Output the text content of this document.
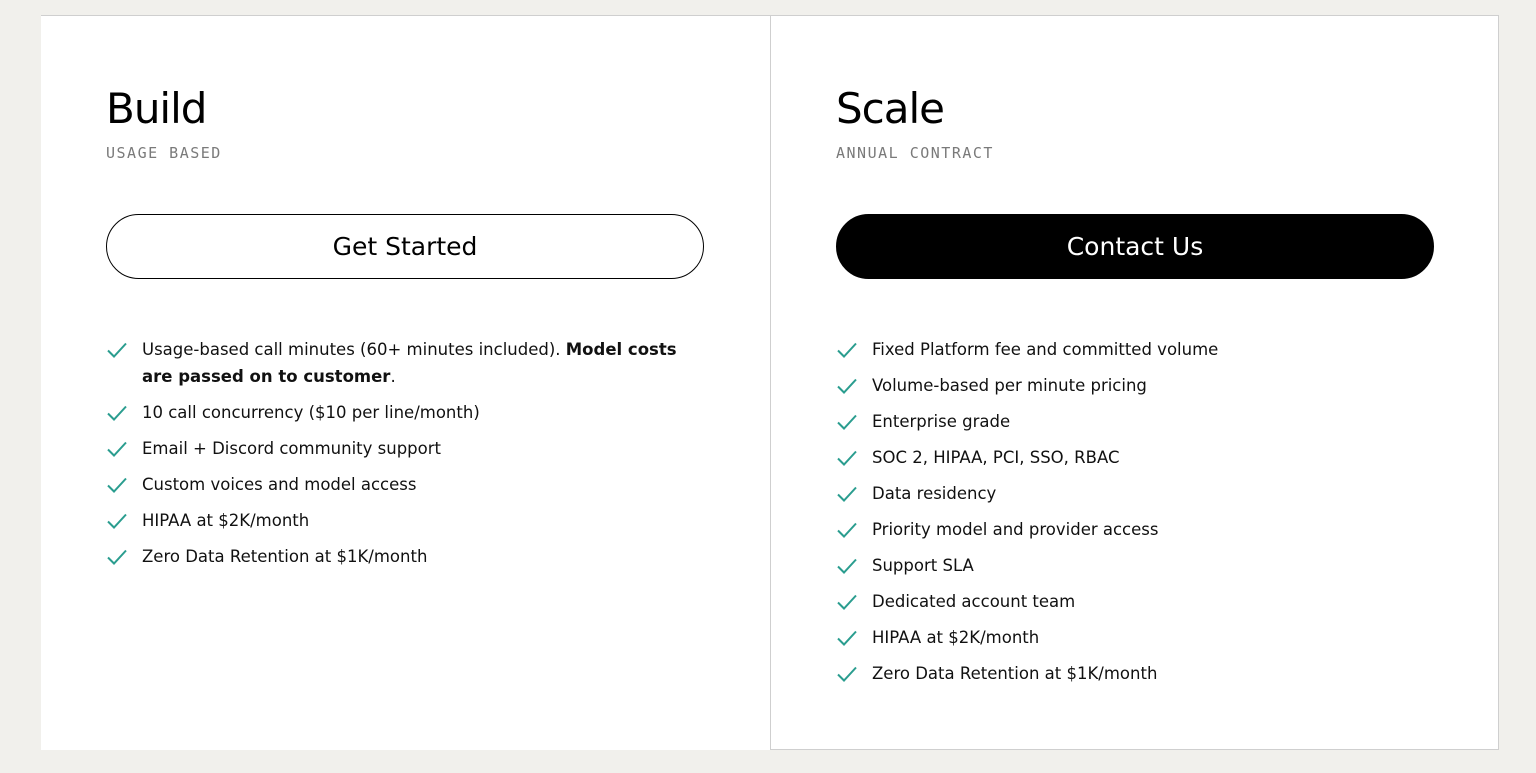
Build
USAGE BASED
Get Started
Usage-based call minutes (60+ minutes included). Model costs are passed on to customer.
10 call concurrency ($10 per line/month)
Email + Discord community support
Custom voices and model access
HIPAA at $2K/month
Zero Data Retention at $1K/month
Scale
ANNUAL CONTRACT
Contact Us
Fixed Platform fee and committed volume
Volume-based per minute pricing
Enterprise grade
SOC 2, HIPAA, PCI, SSO, RBAC
Data residency
Priority model and provider access
Support SLA
Dedicated account team
HIPAA at $2K/month
Zero Data Retention at $1K/month
